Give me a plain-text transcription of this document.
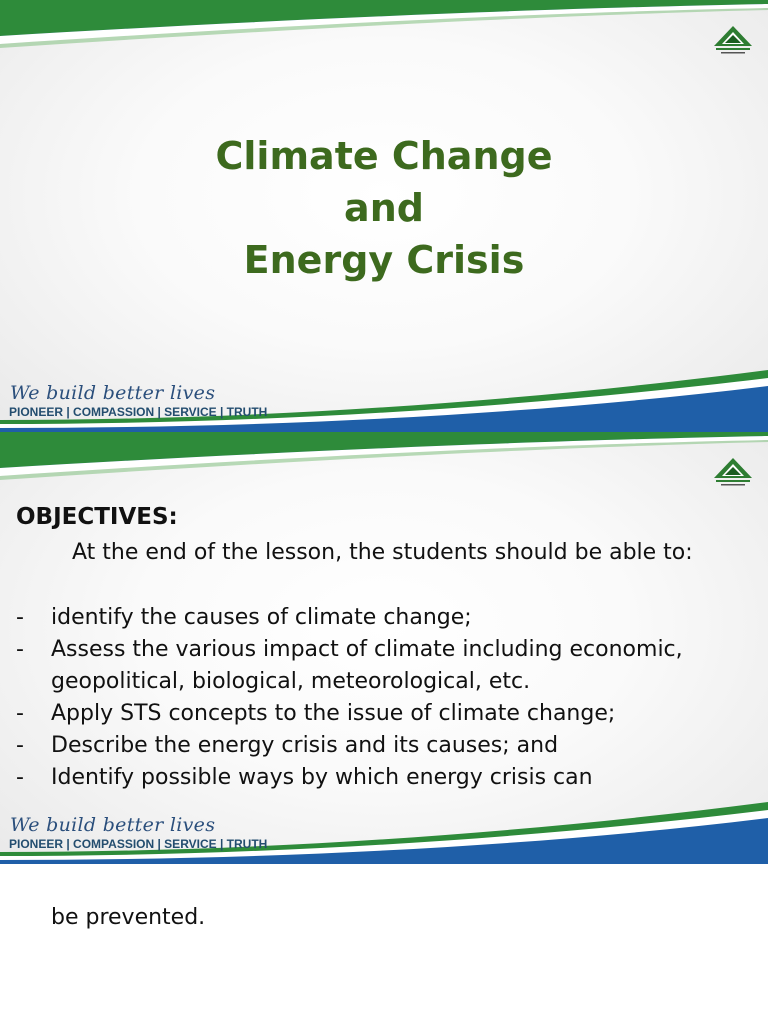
Climate Change
and
Energy Crisis

We build better lives

PIONEER | COMPASSION | SERVICE | TRUTH

OBJECTIVES:

At the end of the lesson, the students should be able to:

- identify the causes of climate change;
- Assess the various impact of climate including economic, geopolitical, biological, meteorological, etc.
- Apply STS concepts to the issue of climate change;
- Describe the energy crisis and its causes; and
- Identify possible ways by which energy crisis can

We build better lives

PIONEER | COMPASSION | SERVICE | TRUTH

be prevented.
